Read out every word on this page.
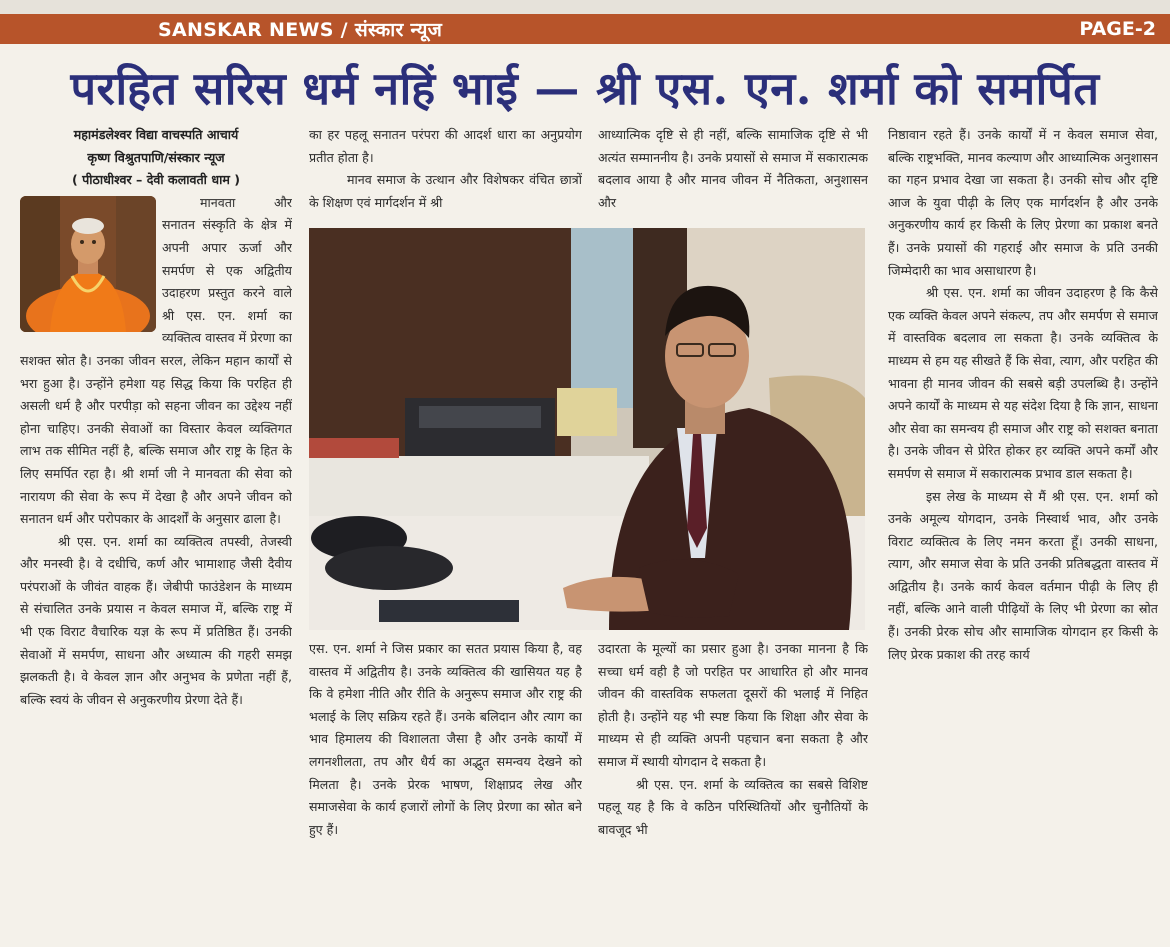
SANSKAR NEWS / संस्कार न्यूज	PAGE-2
परहित सरिस धर्म नहिं भाई — श्री एस. एन. शर्मा को समर्पित
महामंडलेश्वर विद्या वाचस्पति आचार्य
कृष्ण विश्रुतपाणि/संस्कार न्यूज
( पीठाधीश्वर – देवी कलावती धाम )

मानवता और सनातन संस्कृति के क्षेत्र में अपनी अपार ऊर्जा और समर्पण से एक अद्वितीय उदाहरण प्रस्तुत करने वाले श्री एस. एन. शर्मा का व्यक्तित्व वास्तव में प्रेरणा का सशक्त स्रोत है। उनका जीवन सरल, लेकिन महान कार्यों से भरा हुआ है। उन्होंने हमेशा यह सिद्ध किया कि परहित ही असली धर्म है और परपीड़ा को सहना जीवन का उद्देश्य नहीं होना चाहिए। उनकी सेवाओं का विस्तार केवल व्यक्तिगत लाभ तक सीमित नहीं है, बल्कि समाज और राष्ट्र के हित के लिए समर्पित रहा है। श्री शर्मा जी ने मानवता की सेवा को नारायण की सेवा के रूप में देखा है और अपने जीवन को सनातन धर्म और परोपकार के आदर्शों के अनुसार ढाला है।

श्री एस. एन. शर्मा का व्यक्तित्व तपस्वी, तेजस्वी और मनस्वी है। वे दधीचि, कर्ण और भामाशाह जैसी दैवीय परंपराओं के जीवंत वाहक हैं। जेबीपी फाउंडेशन के माध्यम से संचालित उनके प्रयास न केवल समाज में, बल्कि राष्ट्र में भी एक विराट वैचारिक यज्ञ के रूप में प्रतिष्ठित हैं। उनकी सेवाओं में समर्पण, साधना और अध्यात्म की गहरी समझ झलकती है। वे केवल ज्ञान और अनुभव के प्रणेता नहीं हैं, बल्कि स्वयं के जीवन से अनुकरणीय प्रेरणा देते हैं।

का हर पहलू सनातन परंपरा की आदर्श धारा का अनुप्रयोग प्रतीत होता है।

मानव समाज के उत्थान और विशेषकर वंचित छात्रों के शिक्षण एवं मार्गदर्शन में श्री

आध्यात्मिक दृष्टि से ही नहीं, बल्कि सामाजिक दृष्टि से भी अत्यंत सम्माननीय है। उनके प्रयासों से समाज में सकारात्मक बदलाव आया है और मानव जीवन में नैतिकता, अनुशासन और

एस. एन. शर्मा ने जिस प्रकार का सतत प्रयास किया है, वह वास्तव में अद्वितीय है। उनके व्यक्तित्व की खासियत यह है कि वे हमेशा नीति और रीति के अनुरूप समाज और राष्ट्र की भलाई के लिए सक्रिय रहते हैं। उनके बलिदान और त्याग का भाव हिमालय की विशालता जैसा है और उनके कार्यों में लगनशीलता, तप और धैर्य का अद्भुत समन्वय देखने को मिलता है। उनके प्रेरक भाषण, शिक्षाप्रद लेख और समाजसेवा के कार्य हजारों लोगों के लिए प्रेरणा का स्रोत बने हुए हैं।

उदारता के मूल्यों का प्रसार हुआ है। उनका मानना है कि सच्चा धर्म वही है जो परहित पर आधारित हो और मानव जीवन की वास्तविक सफलता दूसरों की भलाई में निहित होती है। उन्होंने यह भी स्पष्ट किया कि शिक्षा और सेवा के माध्यम से ही व्यक्ति अपनी पहचान बना सकता है और समाज में स्थायी योगदान दे सकता है।

श्री एस. एन. शर्मा के व्यक्तित्व का सबसे विशिष्ट पहलू यह है कि वे कठिन परिस्थितियों और चुनौतियों के बावजूद भी

निष्ठावान रहते हैं। उनके कार्यों में न केवल समाज सेवा, बल्कि राष्ट्रभक्ति, मानव कल्याण और आध्यात्मिक अनुशासन का गहन प्रभाव देखा जा सकता है। उनकी सोच और दृष्टि आज के युवा पीढ़ी के लिए एक मार्गदर्शन है और उनके अनुकरणीय कार्य हर किसी के लिए प्रेरणा का प्रकाश बनते हैं। उनके प्रयासों की गहराई और समाज के प्रति उनकी जिम्मेदारी का भाव असाधारण है।

श्री एस. एन. शर्मा का जीवन उदाहरण है कि कैसे एक व्यक्ति केवल अपने संकल्प, तप और समर्पण से समाज में वास्तविक बदलाव ला सकता है। उनके व्यक्तित्व के माध्यम से हम यह सीखते हैं कि सेवा, त्याग, और परहित की भावना ही मानव जीवन की सबसे बड़ी उपलब्धि है। उन्होंने अपने कार्यों के माध्यम से यह संदेश दिया है कि ज्ञान, साधना और सेवा का समन्वय ही समाज और राष्ट्र को सशक्त बनाता है। उनके जीवन से प्रेरित होकर हर व्यक्ति अपने कर्मों और समर्पण से समाज में सकारात्मक प्रभाव डाल सकता है।

इस लेख के माध्यम से मैं श्री एस. एन. शर्मा को उनके अमूल्य योगदान, उनके निस्वार्थ भाव, और उनके विराट व्यक्तित्व के लिए नमन करता हूँ। उनकी साधना, त्याग, और समाज सेवा के प्रति उनकी प्रतिबद्धता वास्तव में अद्वितीय है। उनके कार्य केवल वर्तमान पीढ़ी के लिए ही नहीं, बल्कि आने वाली पीढ़ियों के लिए भी प्रेरणा का स्रोत हैं। उनकी प्रेरक सोच और सामाजिक योगदान हर किसी के लिए प्रेरक प्रकाश की तरह कार्य
